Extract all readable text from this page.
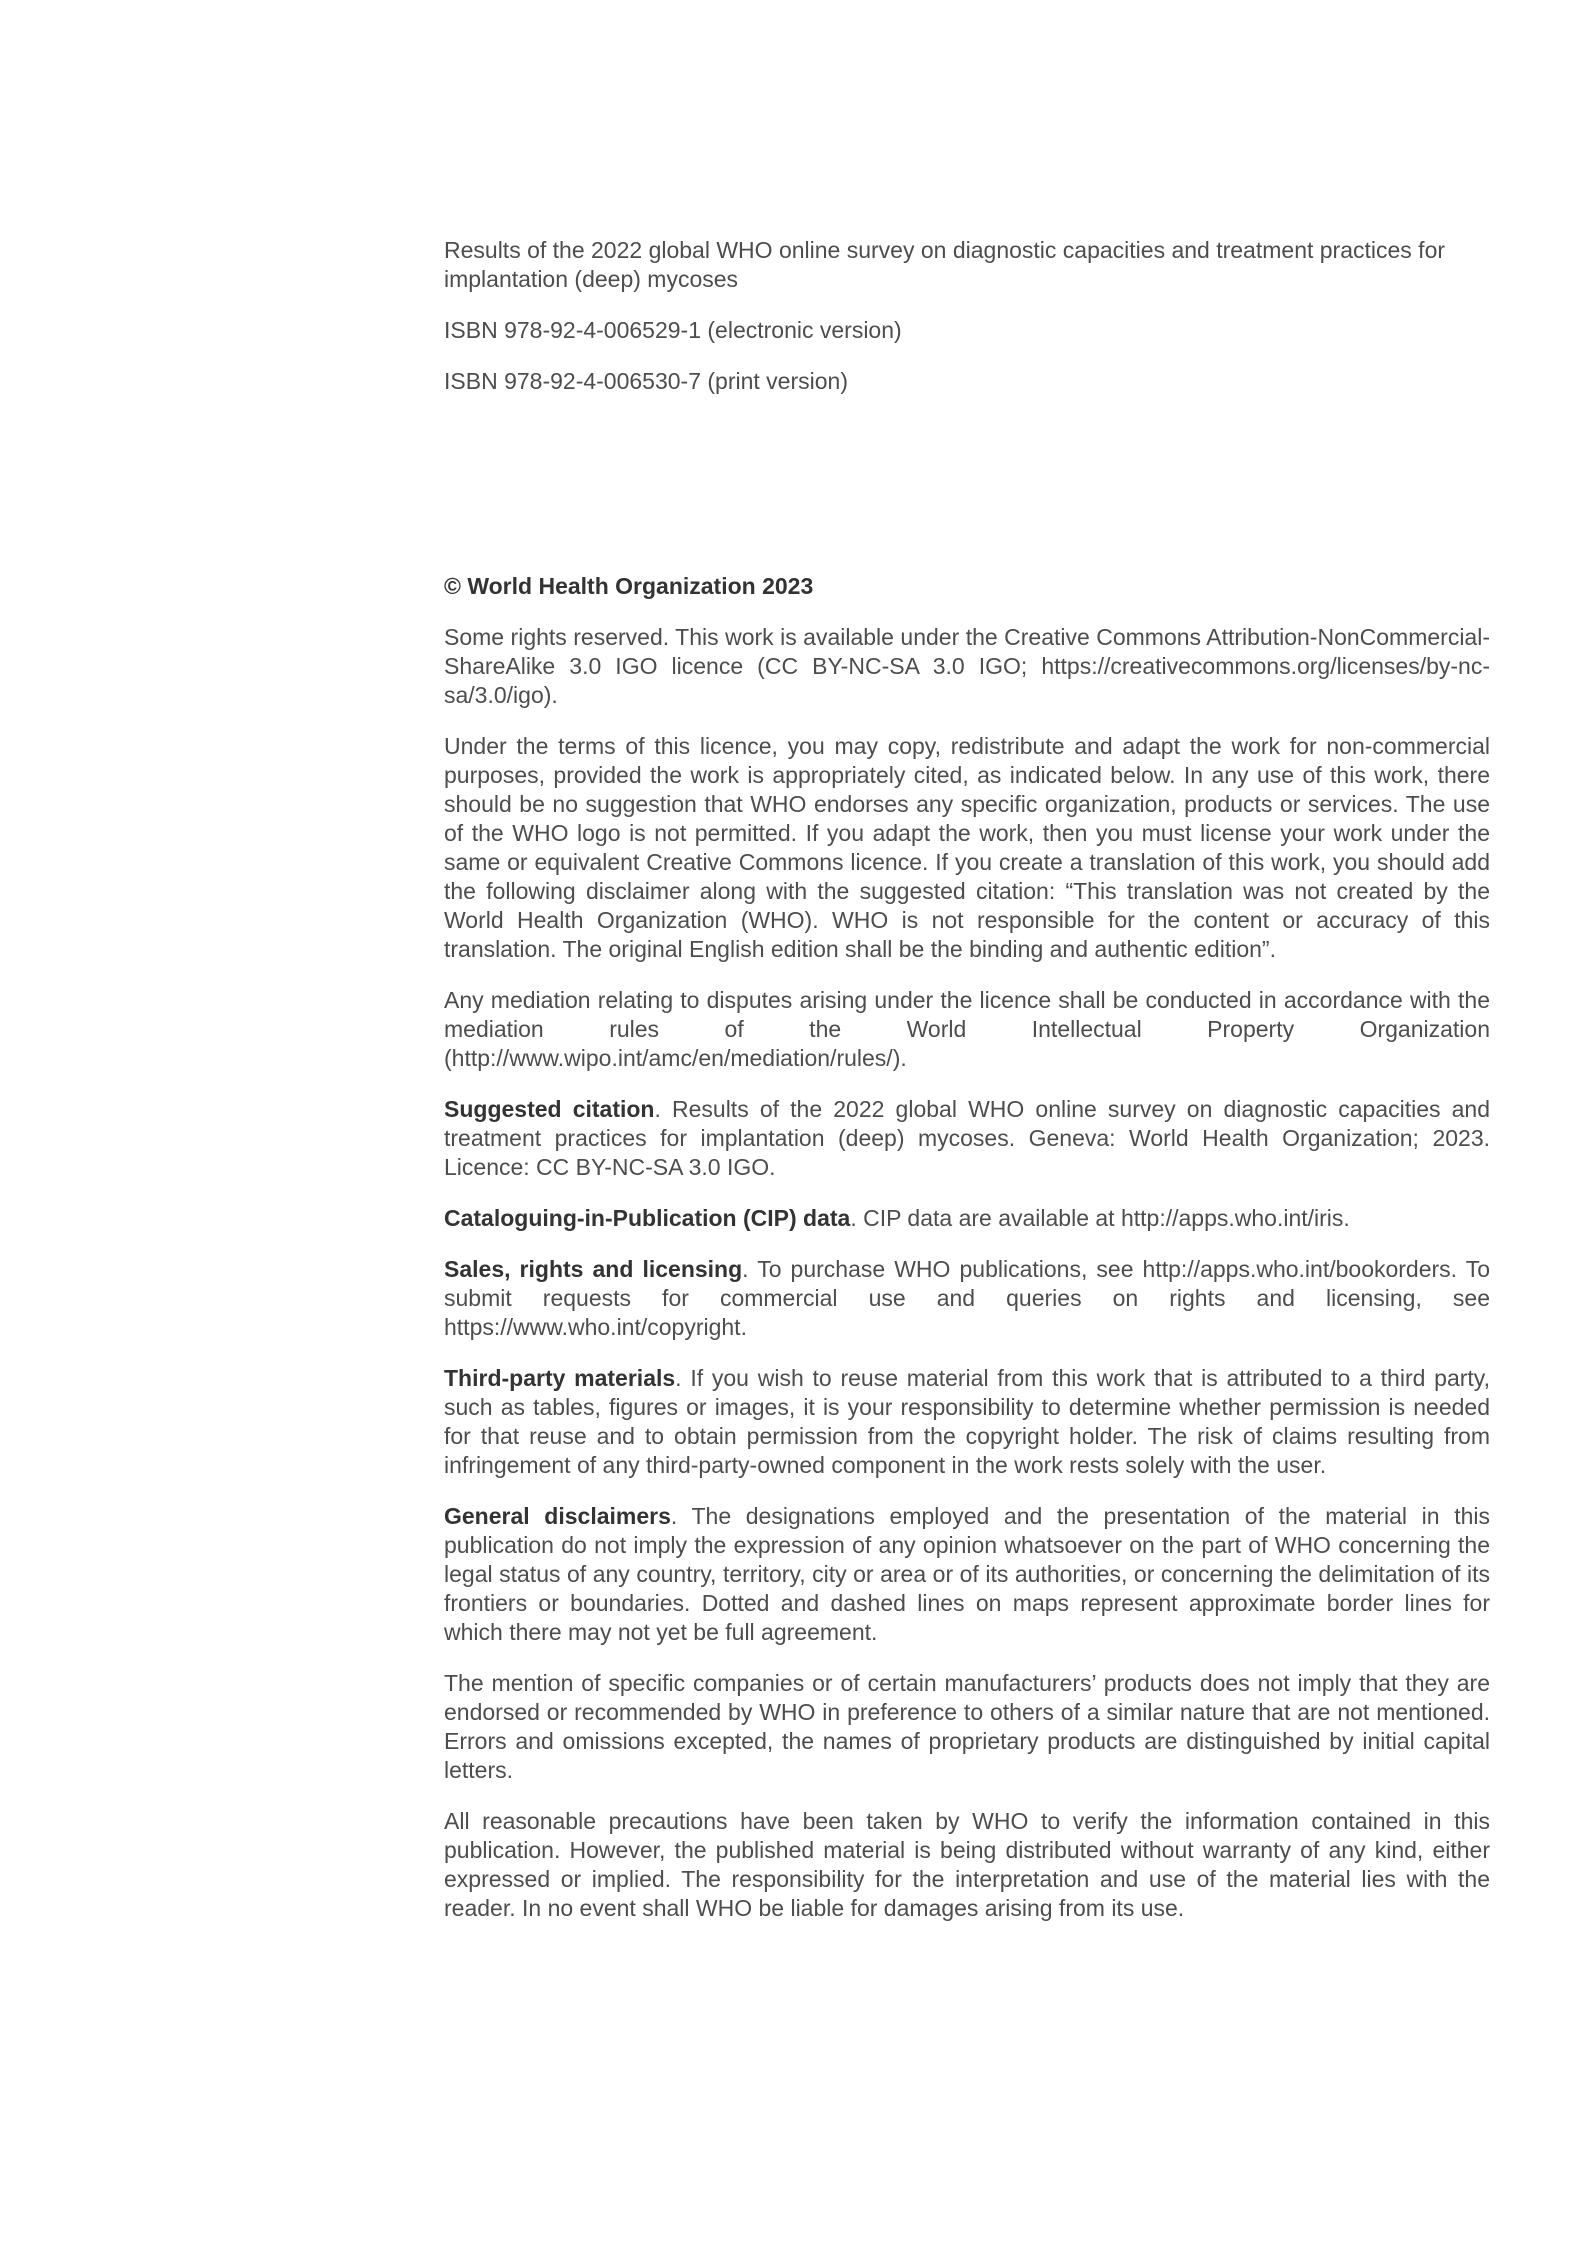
Results of the 2022 global WHO online survey on diagnostic capacities and treatment practices for implantation (deep) mycoses

ISBN 978-92-4-006529-1 (electronic version)

ISBN 978-92-4-006530-7 (print version)

© World Health Organization 2023

Some rights reserved. This work is available under the Creative Commons Attribution-NonCommercial-ShareAlike 3.0 IGO licence (CC BY-NC-SA 3.0 IGO; https://creativecommons.org/licenses/by-nc-sa/3.0/igo).

Under the terms of this licence, you may copy, redistribute and adapt the work for non-commercial purposes, provided the work is appropriately cited, as indicated below. In any use of this work, there should be no suggestion that WHO endorses any specific organization, products or services. The use of the WHO logo is not permitted. If you adapt the work, then you must license your work under the same or equivalent Creative Commons licence. If you create a translation of this work, you should add the following disclaimer along with the suggested citation: “This translation was not created by the World Health Organization (WHO). WHO is not responsible for the content or accuracy of this translation. The original English edition shall be the binding and authentic edition”.

Any mediation relating to disputes arising under the licence shall be conducted in accordance with the mediation rules of the World Intellectual Property Organization (http://www.wipo.int/amc/en/mediation/rules/).

Suggested citation. Results of the 2022 global WHO online survey on diagnostic capacities and treatment practices for implantation (deep) mycoses. Geneva: World Health Organization; 2023. Licence: CC BY-NC-SA 3.0 IGO.

Cataloguing-in-Publication (CIP) data. CIP data are available at http://apps.who.int/iris.

Sales, rights and licensing. To purchase WHO publications, see http://apps.who.int/bookorders. To submit requests for commercial use and queries on rights and licensing, see https://www.who.int/copyright.

Third-party materials. If you wish to reuse material from this work that is attributed to a third party, such as tables, figures or images, it is your responsibility to determine whether permission is needed for that reuse and to obtain permission from the copyright holder. The risk of claims resulting from infringement of any third-party-owned component in the work rests solely with the user.

General disclaimers. The designations employed and the presentation of the material in this publication do not imply the expression of any opinion whatsoever on the part of WHO concerning the legal status of any country, territory, city or area or of its authorities, or concerning the delimitation of its frontiers or boundaries. Dotted and dashed lines on maps represent approximate border lines for which there may not yet be full agreement.

The mention of specific companies or of certain manufacturers’ products does not imply that they are endorsed or recommended by WHO in preference to others of a similar nature that are not mentioned. Errors and omissions excepted, the names of proprietary products are distinguished by initial capital letters.

All reasonable precautions have been taken by WHO to verify the information contained in this publication. However, the published material is being distributed without warranty of any kind, either expressed or implied. The responsibility for the interpretation and use of the material lies with the reader. In no event shall WHO be liable for damages arising from its use.
